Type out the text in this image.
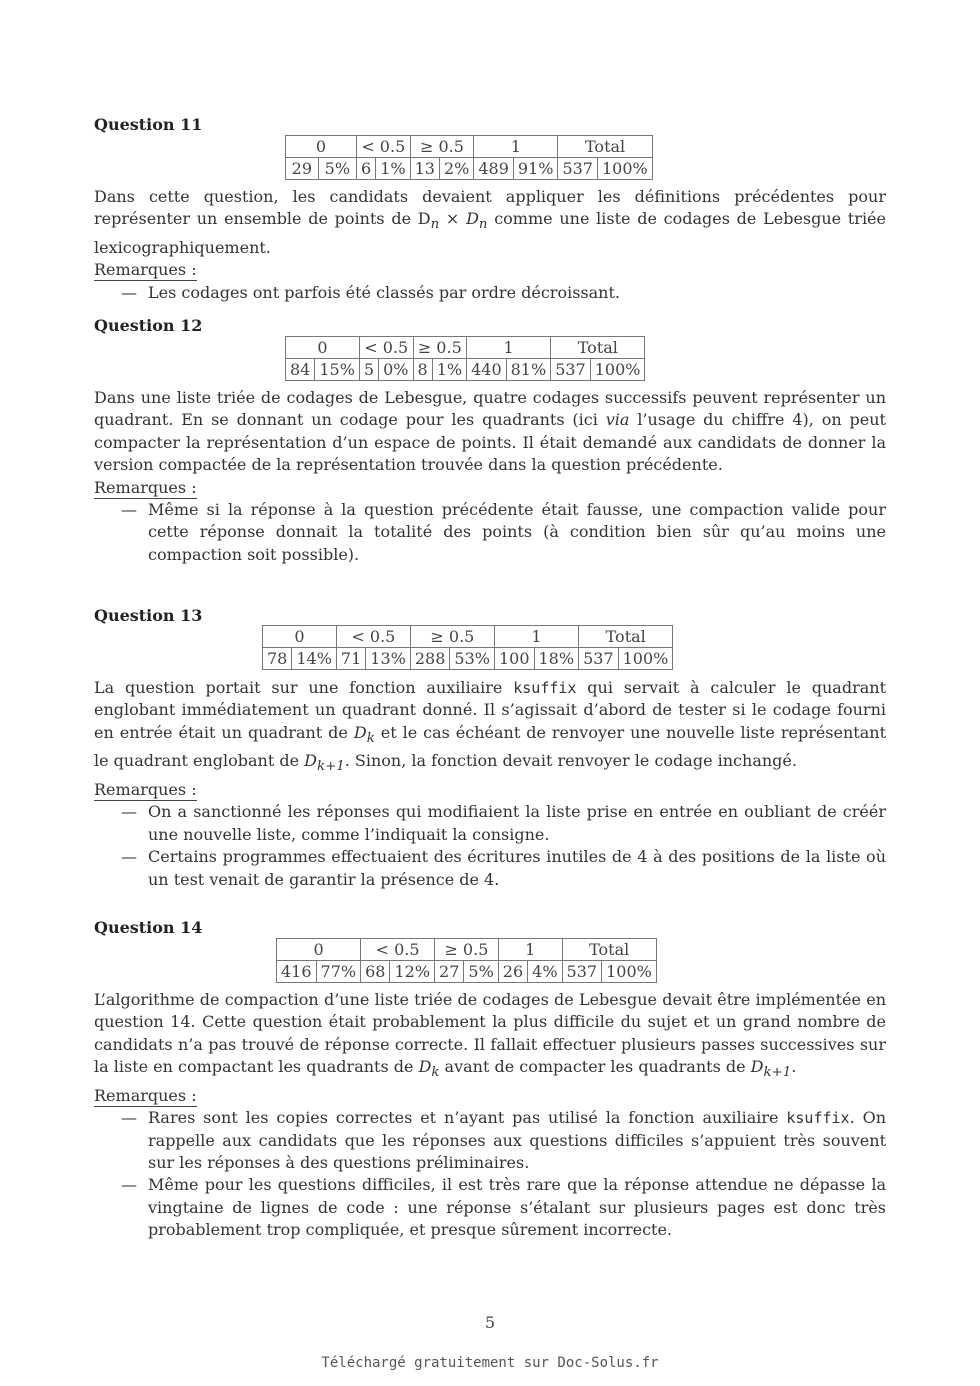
Question 11
0		< 0.5		≥ 0.5		1		Total	
29	5%	6	1%	13	2%	489	91%	537	100%

Dans cette question, les candidats devaient appliquer les définitions précédentes pour représenter un ensemble de points de $D_n \times D_n$ comme une liste de codages de Lebesgue triée lexicographiquement.

Remarques :
— Les codages ont parfois été classés par ordre décroissant.
Question 12
0		< 0.5		≥ 0.5		1		Total	
84	15%	5	0%	8	1%	440	81%	537	100%

Dans une liste triée de codages de Lebesgue, quatre codages successifs peuvent représenter un quadrant. En se donnant un codage pour les quadrants (ici via l’usage du chiffre 4), on peut compacter la représentation d’un espace de points. Il était demandé aux candidats de donner la version compactée de la représentation trouvée dans la question précédente.

Remarques :
— Même si la réponse à la question précédente était fausse, une compaction valide pour cette réponse donnait la totalité des points (à condition bien sûr qu’au moins une compaction soit possible).
Question 13
0		< 0.5		≥ 0.5		1		Total	
78	14%	71	13%	288	53%	100	18%	537	100%

La question portait sur une fonction auxiliaire ksuffix qui servait à calculer le quadrant englobant immédiatement un quadrant donné. Il s’agissait d’abord de tester si le codage fourni en entrée était un quadrant de $D_k$ et le cas échéant de renvoyer une nouvelle liste représentant le quadrant englobant de $D_{k+1}$. Sinon, la fonction devait renvoyer le codage inchangé.

Remarques :
— On a sanctionné les réponses qui modifiaient la liste prise en entrée en oubliant de créér une nouvelle liste, comme l’indiquait la consigne.
— Certains programmes effectuaient des écritures inutiles de 4 à des positions de la liste où un test venait de garantir la présence de 4.
Question 14
0		< 0.5		≥ 0.5		1		Total	
416	77%	68	12%	27	5%	26	4%	537	100%

L’algorithme de compaction d’une liste triée de codages de Lebesgue devait être implémentée en question 14. Cette question était probablement la plus difficile du sujet et un grand nombre de candidats n’a pas trouvé de réponse correcte. Il fallait effectuer plusieurs passes successives sur la liste en compactant les quadrants de $D_k$ avant de compacter les quadrants de $D_{k+1}$.

Remarques :
— Rares sont les copies correctes et n’ayant pas utilisé la fonction auxiliaire ksuffix. On rappelle aux candidats que les réponses aux questions difficiles s’appuient très souvent sur les réponses à des questions préliminaires.
— Même pour les questions difficiles, il est très rare que la réponse attendue ne dépasse la vingtaine de lignes de code : une réponse s’étalant sur plusieurs pages est donc très probablement trop compliquée, et presque sûrement incorrecte.
5
Téléchargé gratuitement sur Doc-Solus.fr
